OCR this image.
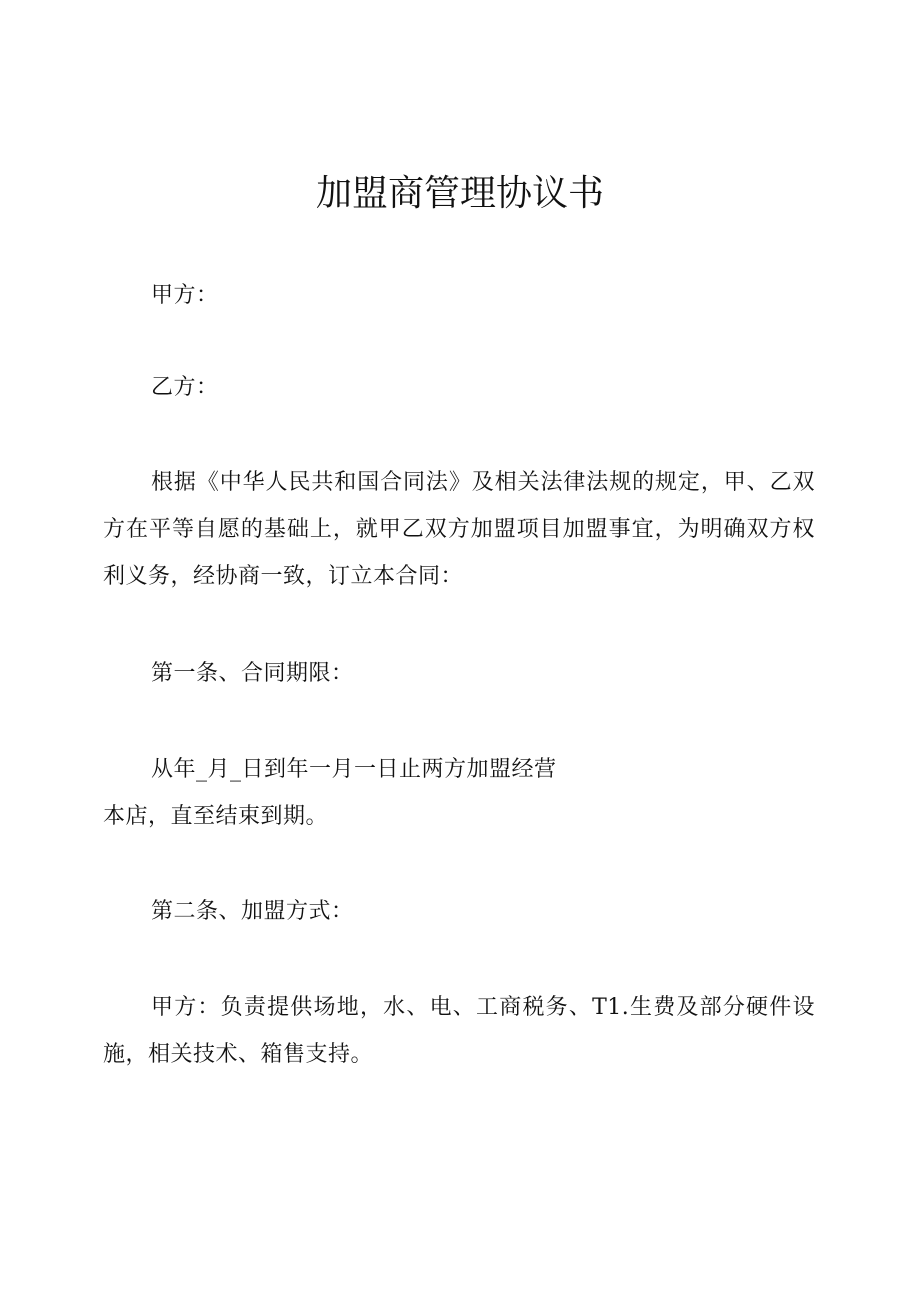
加盟商管理协议书

甲方：

乙方：

根据《中华人民共和国合同法》及相关法律法规的规定，甲、乙双方在平等自愿的基础上，就甲乙双方加盟项目加盟事宜，为明确双方权利义务，经协商一致，订立本合同：

第一条、合同期限：

从年_月_日到年一月一日止两方加盟经营
本店，直至结束到期。

第二条、加盟方式：

甲方：负责提供场地，水、电、工商税务、T1.生费及部分硬件设施，相关技术、箱售支持。
